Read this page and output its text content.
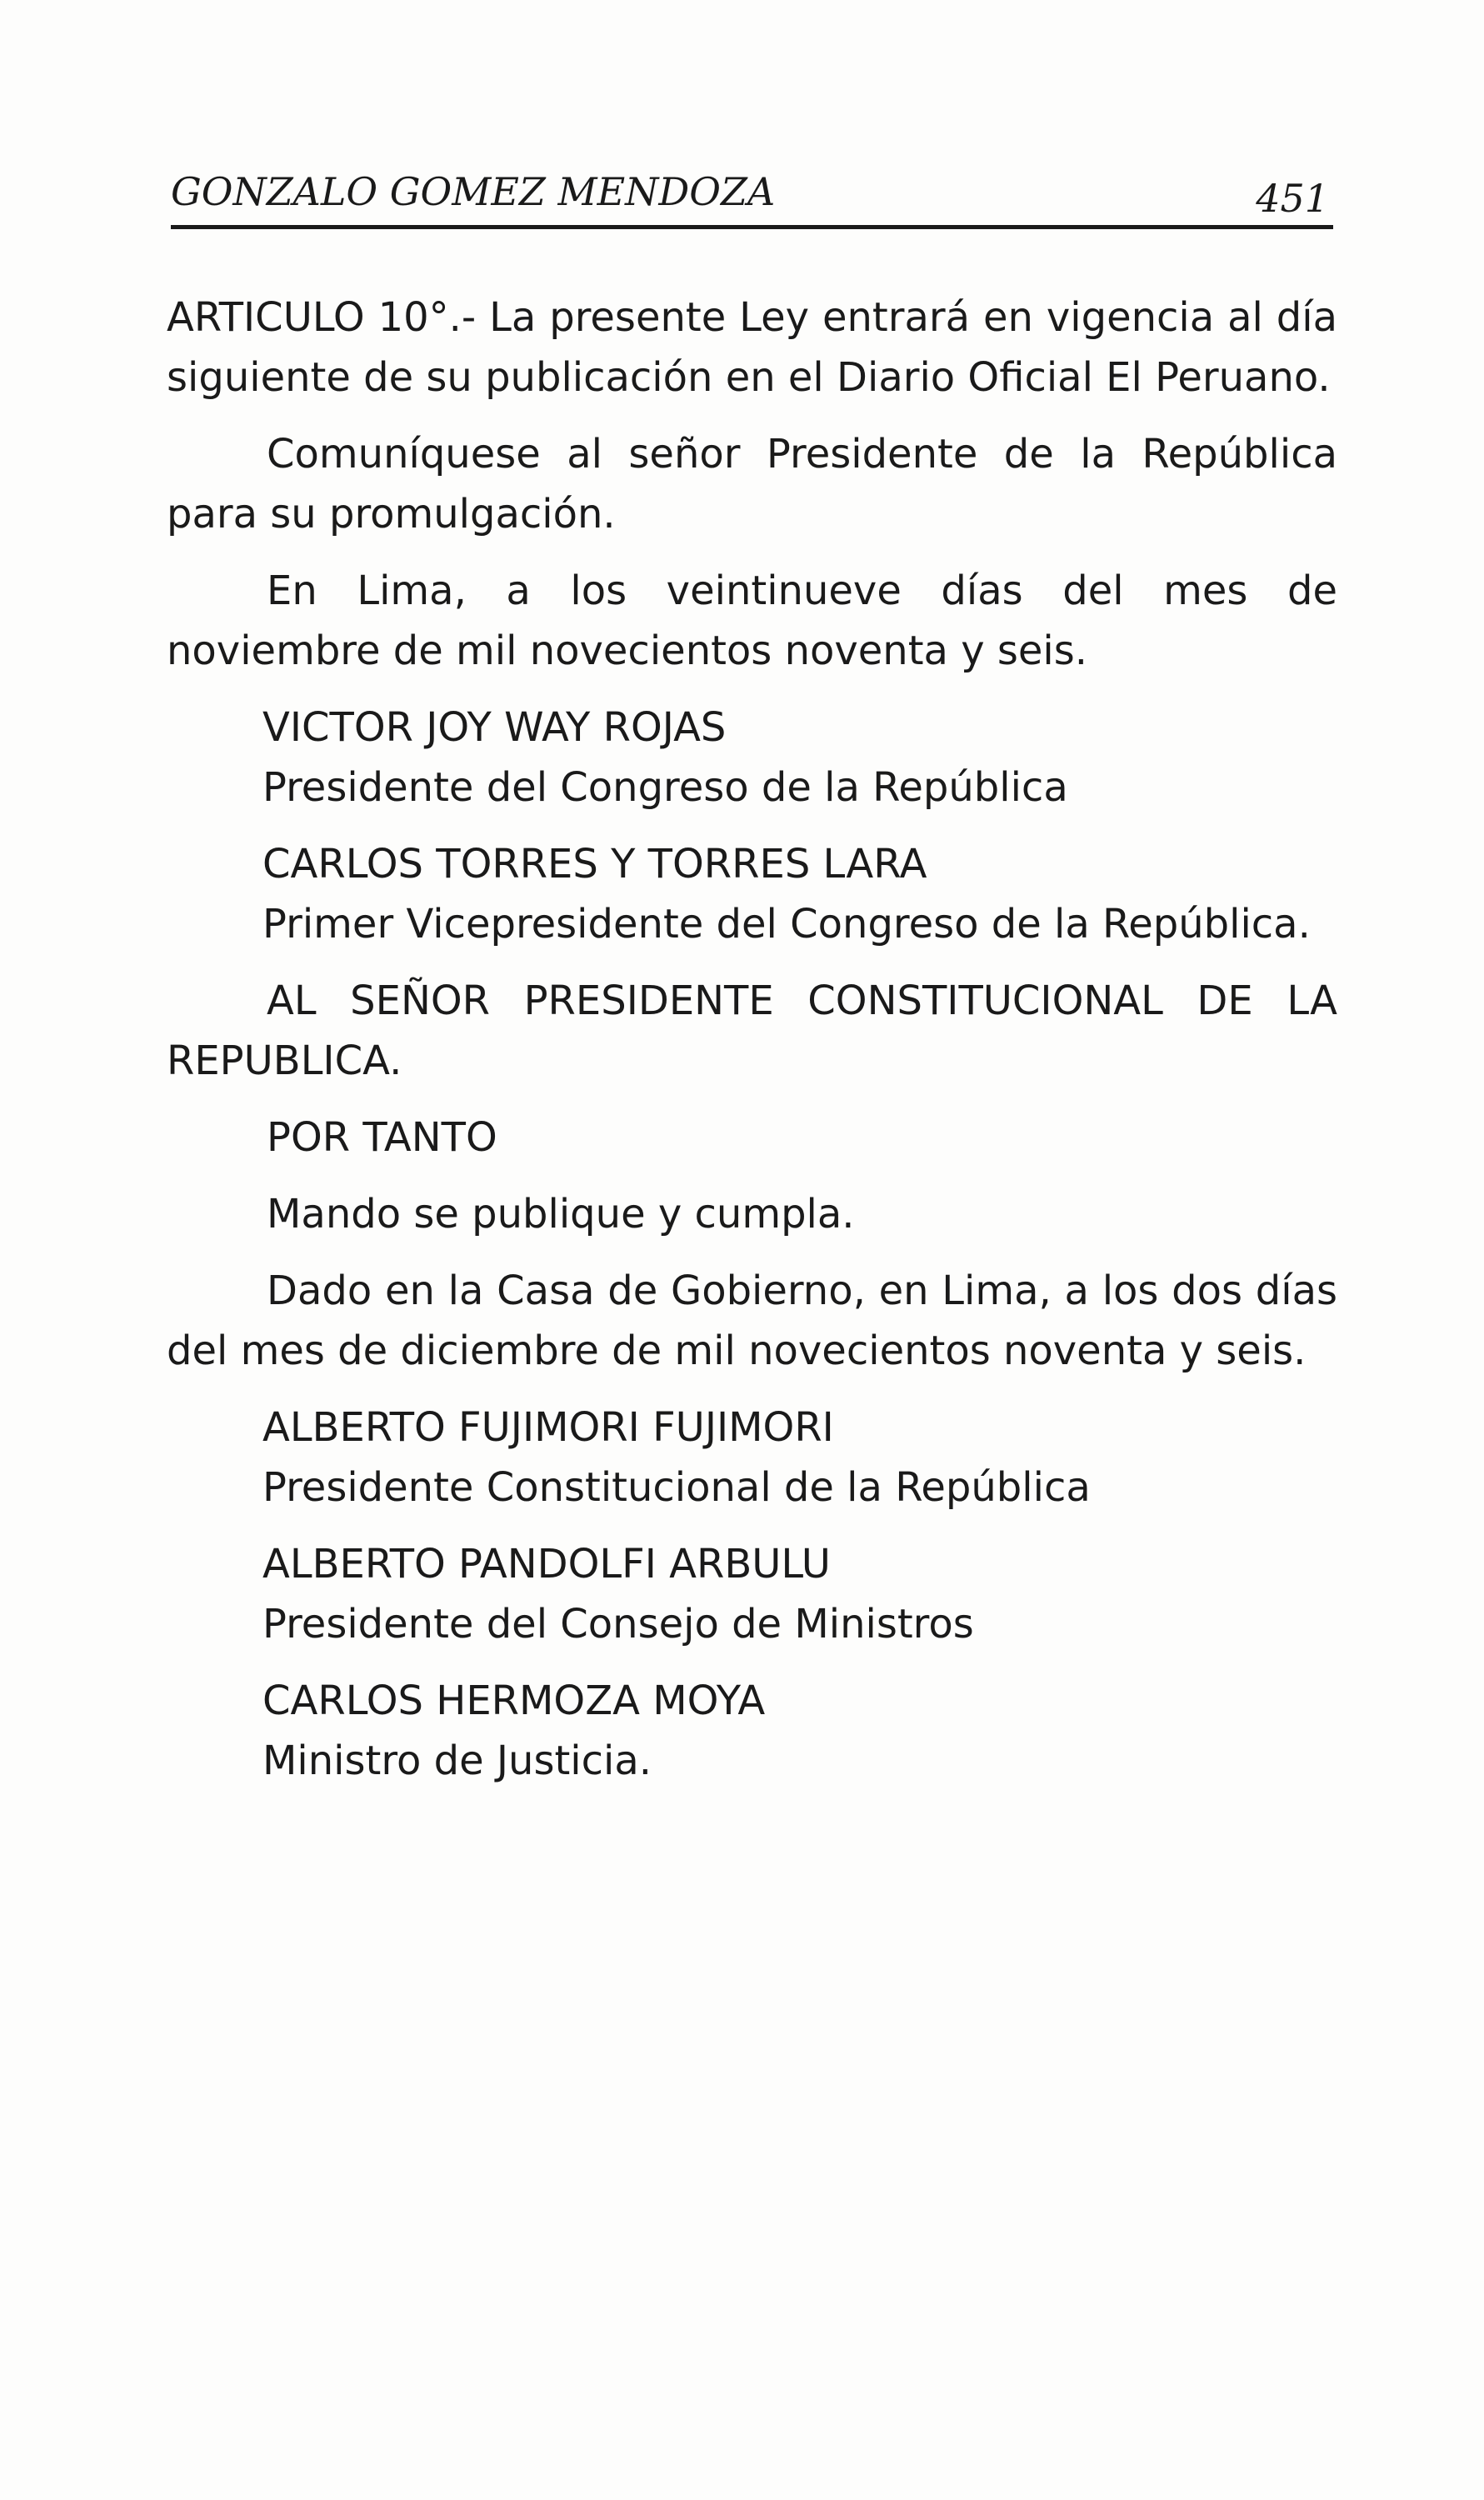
GONZALO GOMEZ MENDOZA	451

ARTICULO 10°.- La presente Ley entrará en vigencia al día siguiente de su publicación en el Diario Oficial El Peruano.

Comuníquese al señor Presidente de la República para su promulgación.

En Lima, a los veintinueve días del mes de noviembre de mil novecientos noventa y seis.

VICTOR JOY WAY ROJAS
Presidente del Congreso de la República
CARLOS TORRES Y TORRES LARA
Primer Vicepresidente del Congreso de la República.

AL SEÑOR PRESIDENTE CONSTITUCIONAL DE LA REPUBLICA.

POR TANTO

Mando se publique y cumpla.

Dado en la Casa de Gobierno, en Lima, a los dos días del mes de diciembre de mil novecientos noventa y seis.

ALBERTO FUJIMORI FUJIMORI
Presidente Constitucional de la República
ALBERTO PANDOLFI ARBULU
Presidente del Consejo de Ministros
CARLOS HERMOZA MOYA
Ministro de Justicia.
